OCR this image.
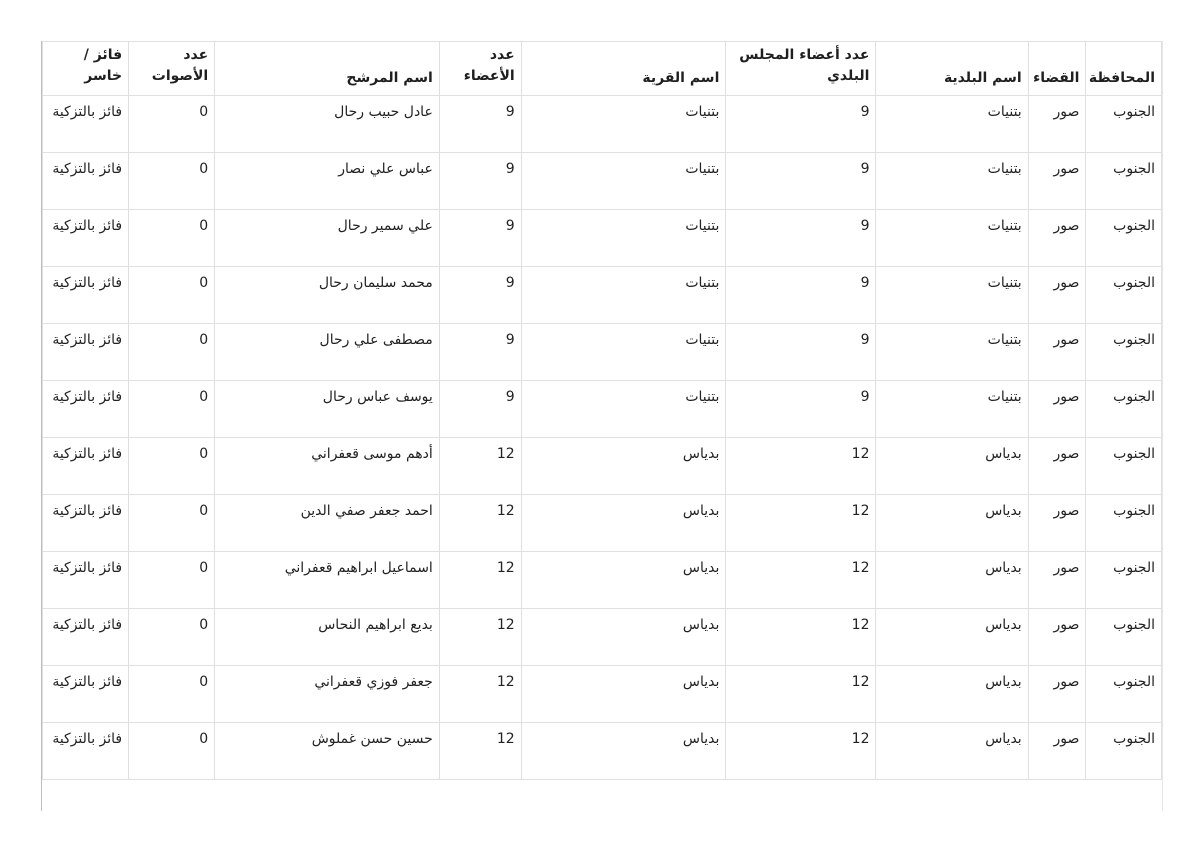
المحافظة	القضاء	اسم البلدية	عدد أعضاء المجلس البلدي	اسم القرية	عدد الأعضاء	اسم المرشح	عدد الأصوات	فائز / خاسر
الجنوب	صور	بتنيات	9	بتنيات	9	عادل حبيب رحال	0	فائز بالتزكية
الجنوب	صور	بتنيات	9	بتنيات	9	عباس علي نصار	0	فائز بالتزكية
الجنوب	صور	بتنيات	9	بتنيات	9	علي سمير رحال	0	فائز بالتزكية
الجنوب	صور	بتنيات	9	بتنيات	9	محمد سليمان رحال	0	فائز بالتزكية
الجنوب	صور	بتنيات	9	بتنيات	9	مصطفى علي رحال	0	فائز بالتزكية
الجنوب	صور	بتنيات	9	بتنيات	9	يوسف عباس رحال	0	فائز بالتزكية
الجنوب	صور	بدياس	12	بدياس	12	أدهم موسى قعفراني	0	فائز بالتزكية
الجنوب	صور	بدياس	12	بدياس	12	احمد جعفر صفي الدين	0	فائز بالتزكية
الجنوب	صور	بدياس	12	بدياس	12	اسماعيل ابراهيم قعفراني	0	فائز بالتزكية
الجنوب	صور	بدياس	12	بدياس	12	بديع ابراهيم النحاس	0	فائز بالتزكية
الجنوب	صور	بدياس	12	بدياس	12	جعفر فوزي قعفراني	0	فائز بالتزكية
الجنوب	صور	بدياس	12	بدياس	12	حسين حسن غملوش	0	فائز بالتزكية
